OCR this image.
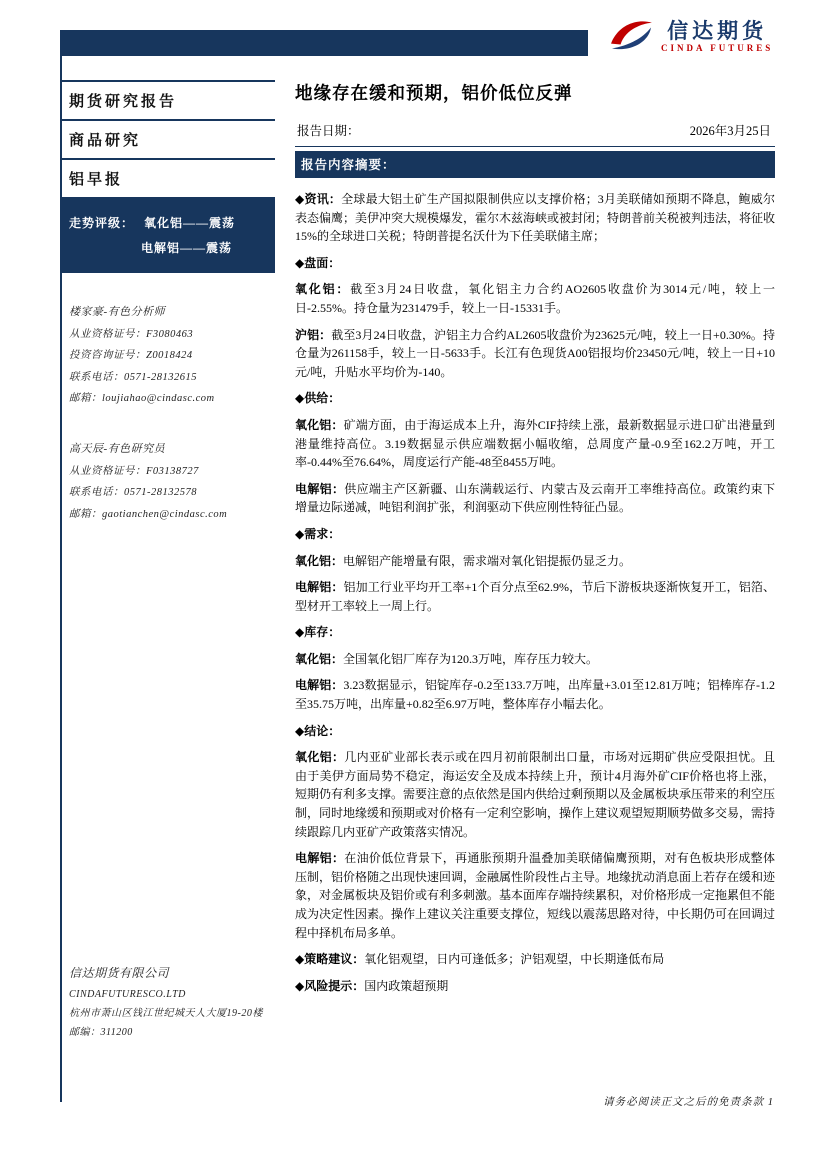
信达期货
CINDA FUTURES
期货研究报告
商品研究
铝早报
走势评级： 氧化铝——震荡
电解铝——震荡
楼家豪-有色分析师
从业资格证号：F3080463
投资咨询证号：Z0018424
联系电话：0571-28132615
邮箱：loujiahao@cindasc.com
高天辰-有色研究员
从业资格证号：F03138727
联系电话：0571-28132578
邮箱：gaotianchen@cindasc.com
信达期货有限公司
CINDAFUTURESCO.LTD
杭州市萧山区钱江世纪城天人大厦19-20楼
邮编：311200
地缘存在缓和预期，铝价低位反弹
报告日期：	2026年3月25日
报告内容摘要：

◆资讯：全球最大铝土矿生产国拟限制供应以支撑价格；3月美联储如预期不降息，鲍威尔表态偏鹰；美伊冲突大规模爆发，霍尔木兹海峡或被封闭；特朗普前关税被判违法，将征收15%的全球进口关税；特朗普提名沃什为下任美联储主席；

◆盘面：

氧化铝：截至3月24日收盘，氧化铝主力合约AO2605收盘价为3014元/吨，较上一日-2.55%。持仓量为231479手，较上一日-15331手。

沪铝：截至3月24日收盘，沪铝主力合约AL2605收盘价为23625元/吨，较上一日+0.30%。持仓量为261158手，较上一日-5633手。长江有色现货A00铝报均价23450元/吨，较上一日+10元/吨，升贴水平均价为-140。

◆供给：

氧化铝：矿端方面，由于海运成本上升，海外CIF持续上涨，最新数据显示进口矿出港量到港量维持高位。3.19数据显示供应端数据小幅收缩，总周度产量-0.9至162.2万吨，开工率-0.44%至76.64%，周度运行产能-48至8455万吨。

电解铝：供应端主产区新疆、山东满载运行、内蒙古及云南开工率维持高位。政策约束下增量边际递减，吨铝利润扩张，利润驱动下供应刚性特征凸显。

◆需求：

氧化铝：电解铝产能增量有限，需求端对氧化铝提振仍显乏力。

电解铝：铝加工行业平均开工率+1个百分点至62.9%，节后下游板块逐渐恢复开工，铝箔、型材开工率较上一周上行。

◆库存：

氧化铝：全国氧化铝厂库存为120.3万吨，库存压力较大。

电解铝：3.23数据显示，铝锭库存-0.2至133.7万吨，出库量+3.01至12.81万吨；铝棒库存-1.2至35.75万吨，出库量+0.82至6.97万吨，整体库存小幅去化。

◆结论：

氧化铝：几内亚矿业部长表示或在四月初前限制出口量，市场对远期矿供应受限担忧。且由于美伊方面局势不稳定，海运安全及成本持续上升，预计4月海外矿CIF价格也将上涨，短期仍有利多支撑。需要注意的点依然是国内供给过剩预期以及金属板块承压带来的利空压制，同时地缘缓和预期或对价格有一定利空影响，操作上建议观望短期顺势做多交易，需持续跟踪几内亚矿产政策落实情况。

电解铝：在油价低位背景下，再通胀预期升温叠加美联储偏鹰预期，对有色板块形成整体压制，铝价格随之出现快速回调，金融属性阶段性占主导。地缘扰动消息面上若存在缓和迹象，对金属板块及铝价或有利多刺激。基本面库存端持续累积，对价格形成一定拖累但不能成为决定性因素。操作上建议关注重要支撑位，短线以震荡思路对待，中长期仍可在回调过程中择机布局多单。

◆策略建议：氧化铝观望，日内可逢低多；沪铝观望，中长期逢低布局

◆风险提示：国内政策超预期

请务必阅读正文之后的免责条款 1
